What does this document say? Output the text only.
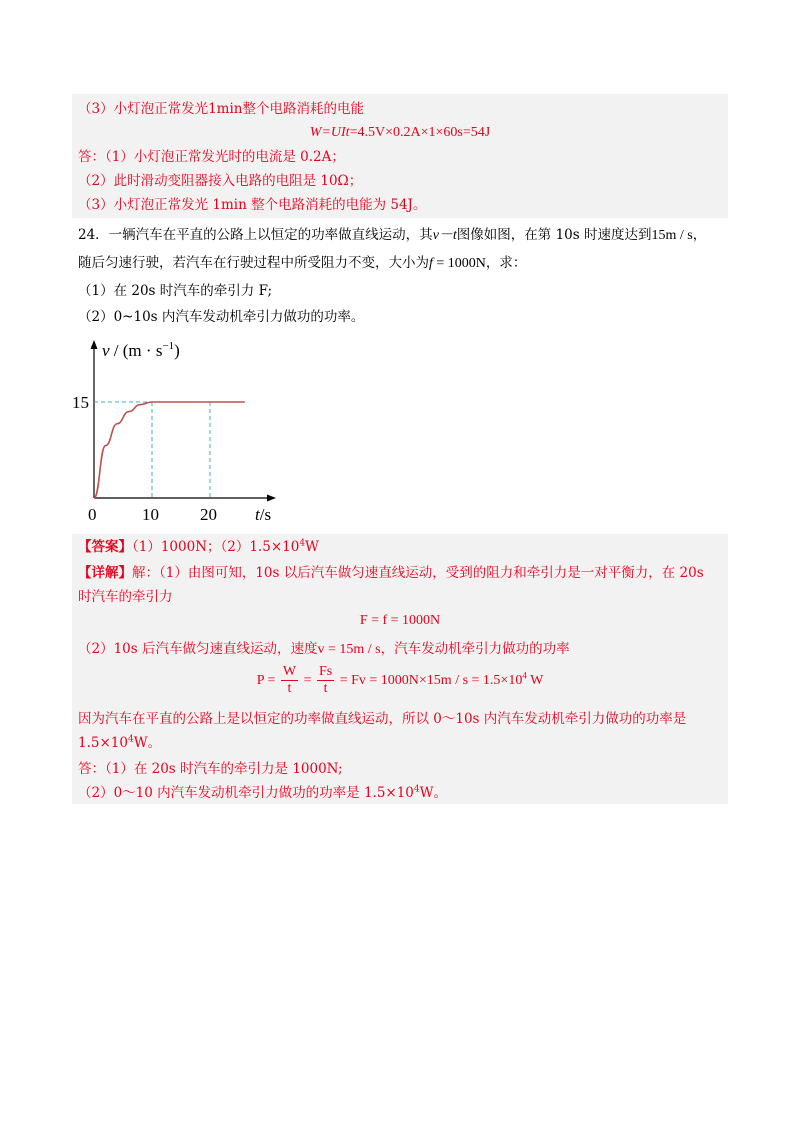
（3）小灯泡正常发光1min整个电路消耗的电能
W=UIt=4.5V×0.2A×1×60s=54J
答：（1）小灯泡正常发光时的电流是 0.2A；
（2）此时滑动变阻器接入电路的电阻是 10Ω；
（3）小灯泡正常发光 1min 整个电路消耗的电能为 54J。
24．一辆汽车在平直的公路上以恒定的功率做直线运动，其v－t图像如图，在第 10s 时速度达到15m / s，
随后匀速行驶，若汽车在行驶过程中所受阻力不变，大小为f = 1000N，求：
（1）在 20s 时汽车的牵引力 F;
（2）0~10s 内汽车发动机牵引力做功的功率。
$v / (m \cdot s^{-1})$
0	10 20
15
t/s
【答案】（1）1000N；$(2)1.5\times 10^4W$
【详解】解：（1）由图可知，10s 以后汽车做匀速直线运动，受到的阻力和牵引力是一对平衡力，在 20s
时汽车的牵引力
F = f = 1000N
（2）10s 后汽车做匀速直线运动，速度v = 15m / s，汽车发动机牵引力做功的功率
$P = \frac{W}{t} = \frac{Fs}{t} = Fv = 1000N\times 15m / s = 1.5\times 10^4$ W
因为汽车在平直的公路上是以恒定的功率做直线运动，所以 0～10s 内汽车发动机牵引力做功的功率是
$1.5\times 10^4W$。
答：（1）在 20s 时汽车的牵引力是 1000N;
（2）0～10 内汽车发动机牵引力做功的功率是 $1.5\times 10^4W$。
